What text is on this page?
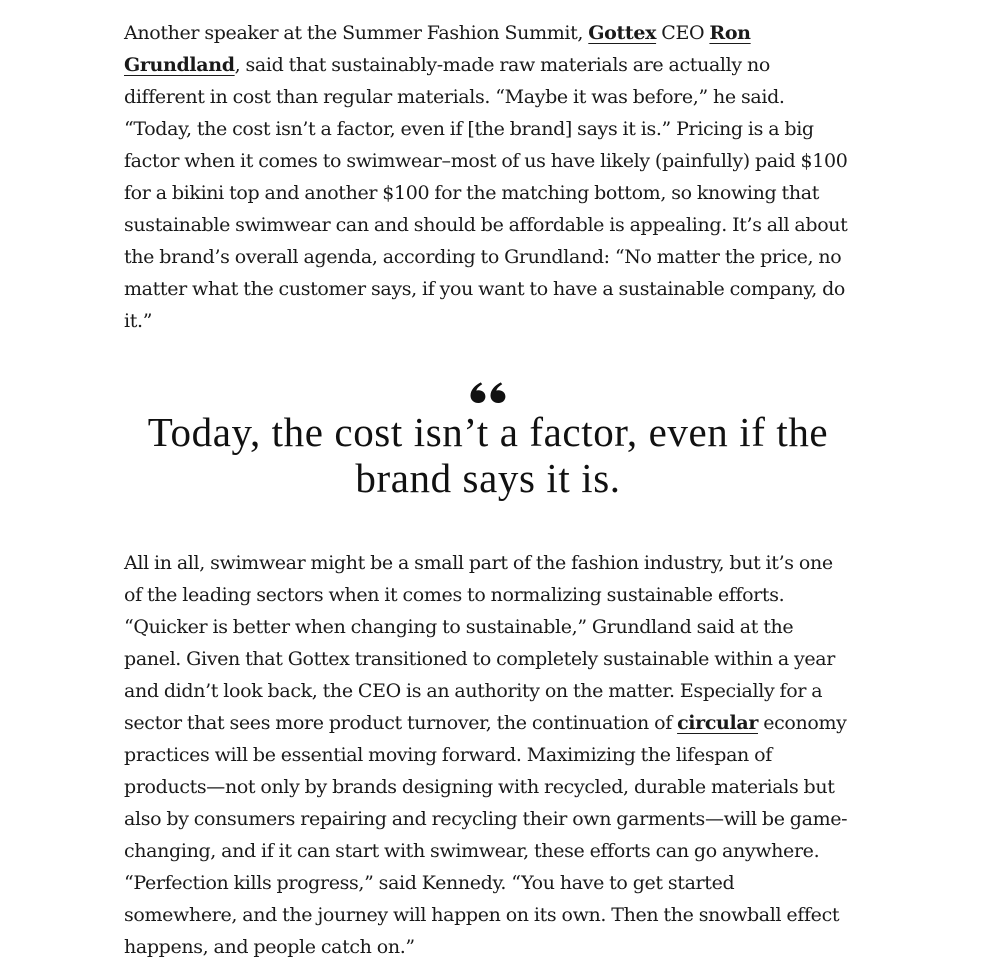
Another speaker at the Summer Fashion Summit, Gottex CEO Ron Grundland, said that sustainably-made raw materials are actually no different in cost than regular materials. “Maybe it was before,” he said. “Today, the cost isn’t a factor, even if [the brand] says it is.” Pricing is a big factor when it comes to swimwear–most of us have likely (painfully) paid $100 for a bikini top and another $100 for the matching bottom, so knowing that sustainable swimwear can and should be affordable is appealing. It’s all about the brand’s overall agenda, according to Grundland: “No matter the price, no matter what the customer says, if you want to have a sustainable company, do it.”

Today, the cost isn’t a factor, even if the brand says it is.

All in all, swimwear might be a small part of the fashion industry, but it’s one of the leading sectors when it comes to normalizing sustainable efforts. “Quicker is better when changing to sustainable,” Grundland said at the panel. Given that Gottex transitioned to completely sustainable within a year and didn’t look back, the CEO is an authority on the matter. Especially for a sector that sees more product turnover, the continuation of circular economy practices will be essential moving forward. Maximizing the lifespan of products—not only by brands designing with recycled, durable materials but also by consumers repairing and recycling their own garments—will be game-changing, and if it can start with swimwear, these efforts can go anywhere. “Perfection kills progress,” said Kennedy. “You have to get started somewhere, and the journey will happen on its own. Then the snowball effect happens, and people catch on.”
